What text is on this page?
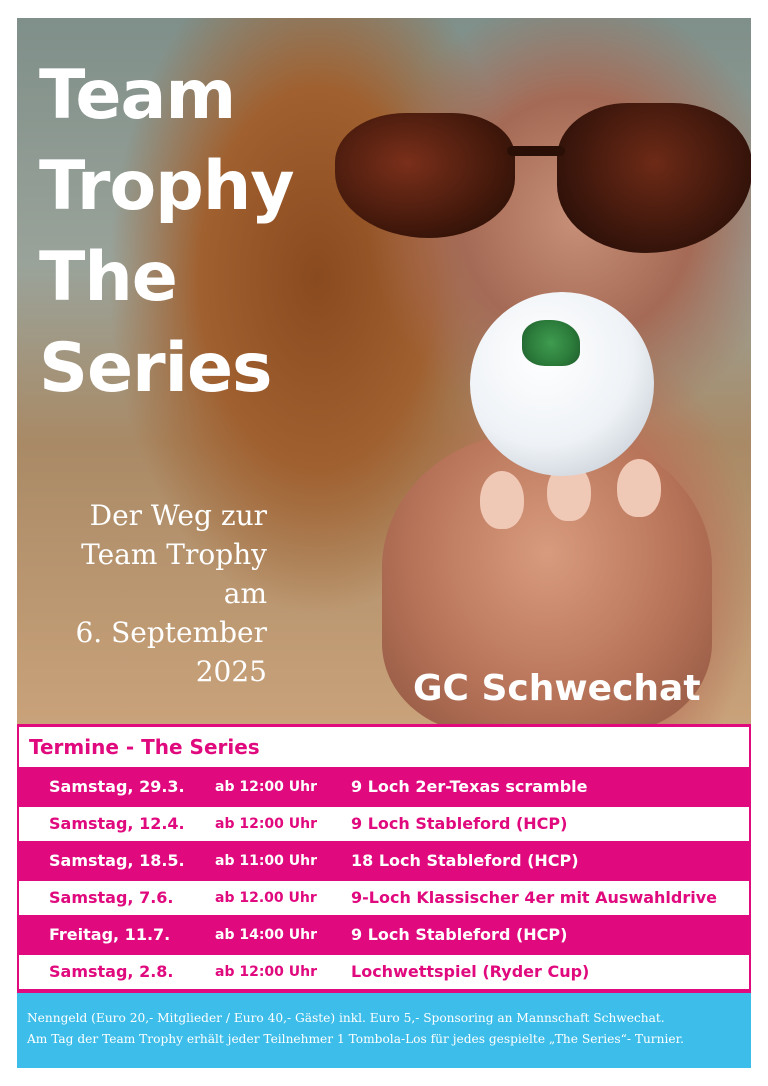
Team
Trophy
The
Series
Der Weg zur
Team Trophy
am
6. September
2025	GC Schwechat
Termine - The Series
Samstag, 29.3. ab 12:00 Uhr 9 Loch 2er-Texas scramble
Samstag, 12.4. ab 12:00 Uhr 9 Loch Stableford (HCP)
Samstag, 18.5. ab 11:00 Uhr 18 Loch Stableford (HCP)
Samstag, 7.6.	ab 12.00 Uhr 9-Loch Klassischer 4er mit Auswahldrive
Freitag, 11.7.	ab 14:00 Uhr 9 Loch Stableford (HCP)
Samstag, 2.8.	ab 12:00 Uhr Lochwettspiel (Ryder Cup)

Nenngeld (Euro 20,- Mitglieder / Euro 40,- Gäste) inkl. Euro 5,- Sponsoring an Mannschaft Schwechat.

Am Tag der Team Trophy erhält jeder Teilnehmer 1 Tombola-Los für jedes gespielte „The Series“- Turnier.
